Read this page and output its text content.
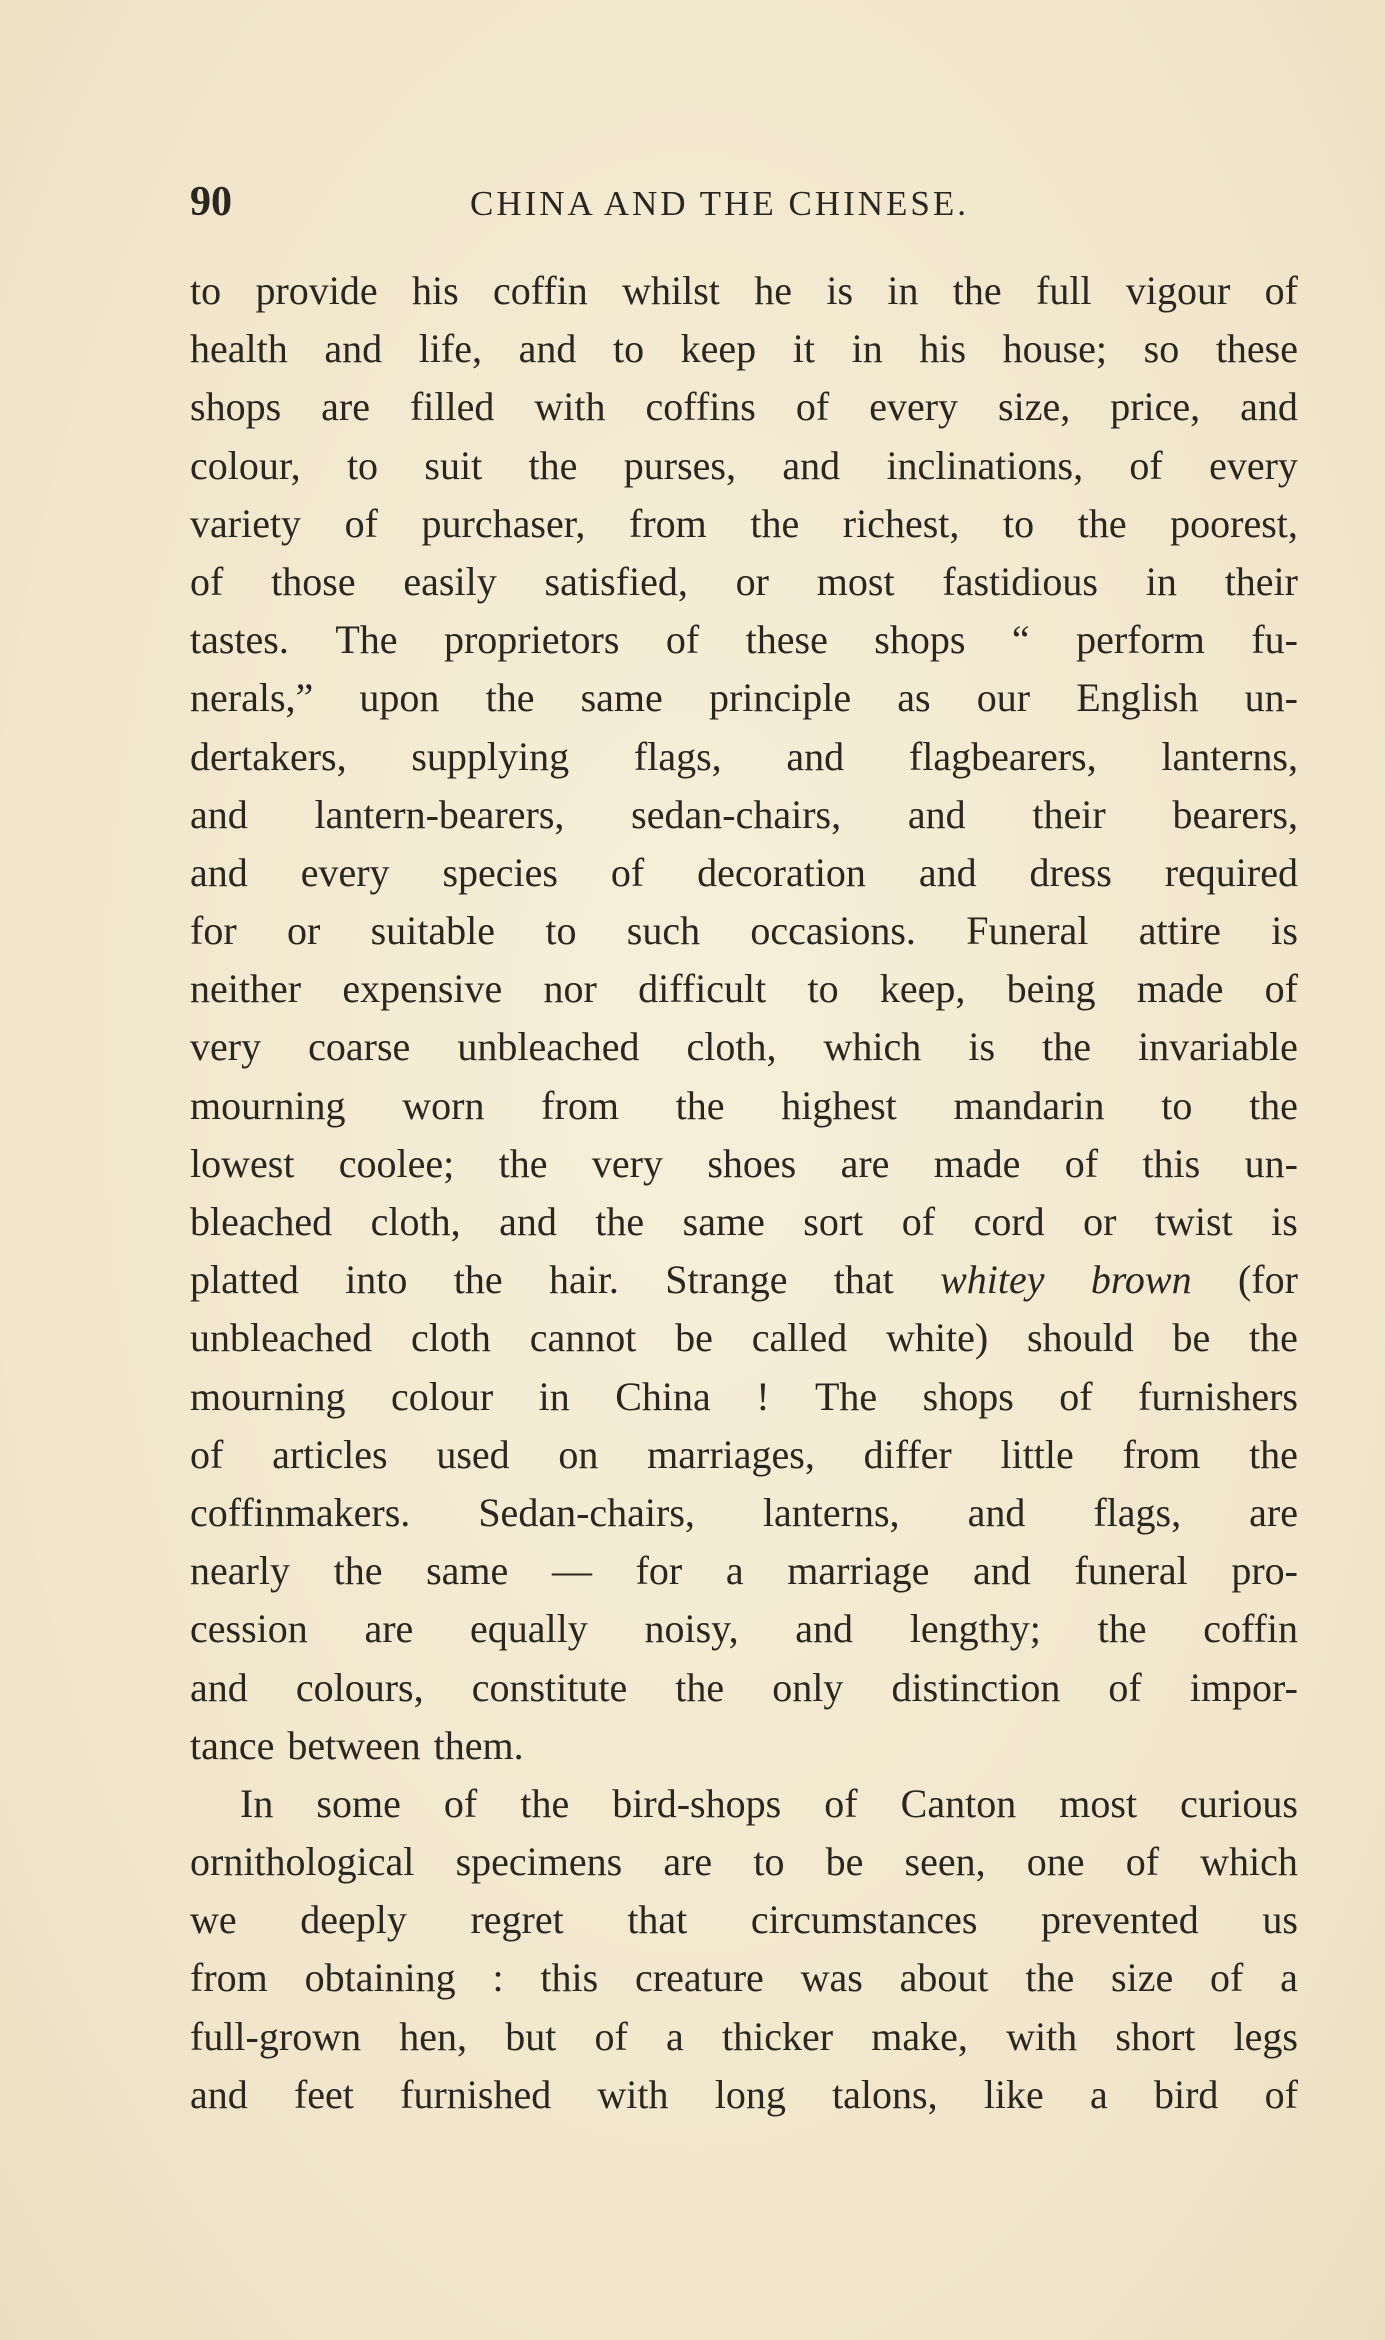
90	CHINA AND THE CHINESE.
to provide his coffin whilst he is in the full vigour of
health and life, and to keep it in his house; so these
shops are filled with coffins of every size, price, and
colour, to suit the purses, and inclinations, of every
variety of purchaser, from the richest, to the poorest,
of those easily satisfied, or most fastidious in their
tastes. The proprietors of these shops “ perform fu-
nerals,” upon the same principle as our English un-
dertakers, supplying flags, and flagbearers, lanterns,
and lantern-bearers, sedan-chairs, and their bearers,
and every species of decoration and dress required
for or suitable to such occasions. Funeral attire is
neither expensive nor difficult to keep, being made of
very coarse unbleached cloth, which is the invariable
mourning worn from the highest mandarin to the
lowest coolee; the very shoes are made of this un-
bleached cloth, and the same sort of cord or twist is
platted into the hair. Strange that whitey brown (for
unbleached cloth cannot be called white) should be the
mourning colour in China ! The shops of furnishers
of articles used on marriages, differ little from the
coffinmakers. Sedan-chairs, lanterns, and flags, are
nearly the same — for a marriage and funeral pro-
cession are equally noisy, and lengthy; the coffin
and colours, constitute the only distinction of impor-
tance between them.
In some of the bird-shops of Canton most curious
ornithological specimens are to be seen, one of which
we deeply regret that circumstances prevented us
from obtaining : this creature was about the size of a
full-grown hen, but of a thicker make, with short legs
and feet furnished with long talons, like a bird of
